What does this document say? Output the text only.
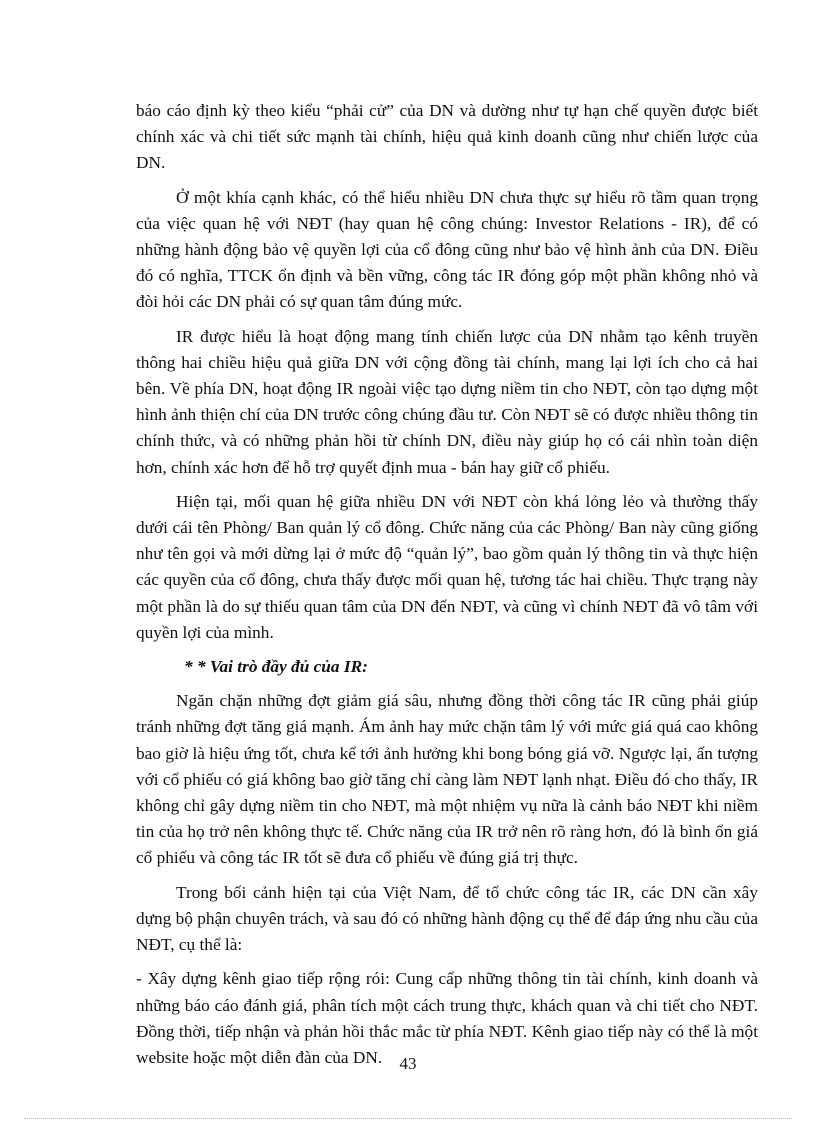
báo cáo định kỳ theo kiểu “phải cử” của DN và dường như tự hạn chế quyền được biết chính xác và chi tiết sức mạnh tài chính, hiệu quả kinh doanh cũng như chiến lược của DN.

Ở một khía cạnh khác, có thể hiểu nhiều DN chưa thực sự hiểu rõ tầm quan trọng của việc quan hệ với NĐT (hay quan hệ công chúng: Investor Relations - IR), để có những hành động bảo vệ quyền lợi của cổ đông cũng như bảo vệ hình ảnh của DN. Điều đó có nghĩa, TTCK ổn định và bền vững, công tác IR đóng góp một phần không nhỏ và đòi hỏi các DN phải có sự quan tâm đúng mức.

IR được hiểu là hoạt động mang tính chiến lược của DN nhằm tạo kênh truyền thông hai chiều hiệu quả giữa DN với cộng đồng tài chính, mang lại lợi ích cho cả hai bên. Về phía DN, hoạt động IR ngoài việc tạo dựng niềm tin cho NĐT, còn tạo dựng một hình ảnh thiện chí của DN trước công chúng đầu tư. Còn NĐT sẽ có được nhiều thông tin chính thức, và có những phản hồi từ chính DN, điều này giúp họ có cái nhìn toàn diện hơn, chính xác hơn để hỗ trợ quyết định mua - bán hay giữ cổ phiếu.

Hiện tại, mối quan hệ giữa nhiều DN với NĐT còn khá lỏng lẻo và thường thấy dưới cái tên Phòng/ Ban quản lý cổ đông. Chức năng của các Phòng/ Ban này cũng giống như tên gọi và mới dừng lại ở mức độ “quản lý”, bao gồm quản lý thông tin và thực hiện các quyền của cổ đông, chưa thấy được mối quan hệ, tương tác hai chiều. Thực trạng này một phần là do sự thiếu quan tâm của DN đến NĐT, và cũng vì chính NĐT đã vô tâm với quyền lợi của mình.

* * Vai trò đầy đủ của IR:

Ngăn chặn những đợt giảm giá sâu, nhưng đồng thời công tác IR cũng phải giúp tránh những đợt tăng giá mạnh. Ám ảnh hay mức chặn tâm lý với mức giá quá cao không bao giờ là hiệu ứng tốt, chưa kể tới ảnh hưởng khi bong bóng giá vỡ. Ngược lại, ấn tượng với cổ phiếu có giá không bao giờ tăng chỉ càng làm NĐT lạnh nhạt. Điều đó cho thấy, IR không chỉ gây dựng niềm tin cho NĐT, mà một nhiệm vụ nữa là cảnh báo NĐT khi niềm tin của họ trở nên không thực tế. Chức năng của IR trở nên rõ ràng hơn, đó là bình ổn giá cổ phiếu và công tác IR tốt sẽ đưa cổ phiếu về đúng giá trị thực.

Trong bối cảnh hiện tại của Việt Nam, để tổ chức công tác IR, các DN cần xây dựng bộ phận chuyên trách, và sau đó có những hành động cụ thể để đáp ứng nhu cầu của NĐT, cụ thể là:

- Xây dựng kênh giao tiếp rộng rói: Cung cấp những thông tin tài chính, kinh doanh và những báo cáo đánh giá, phân tích một cách trung thực, khách quan và chi tiết cho NĐT. Đồng thời, tiếp nhận và phản hồi thắc mắc từ phía NĐT. Kênh giao tiếp này có thể là một website hoặc một diễn đàn của DN.	43
